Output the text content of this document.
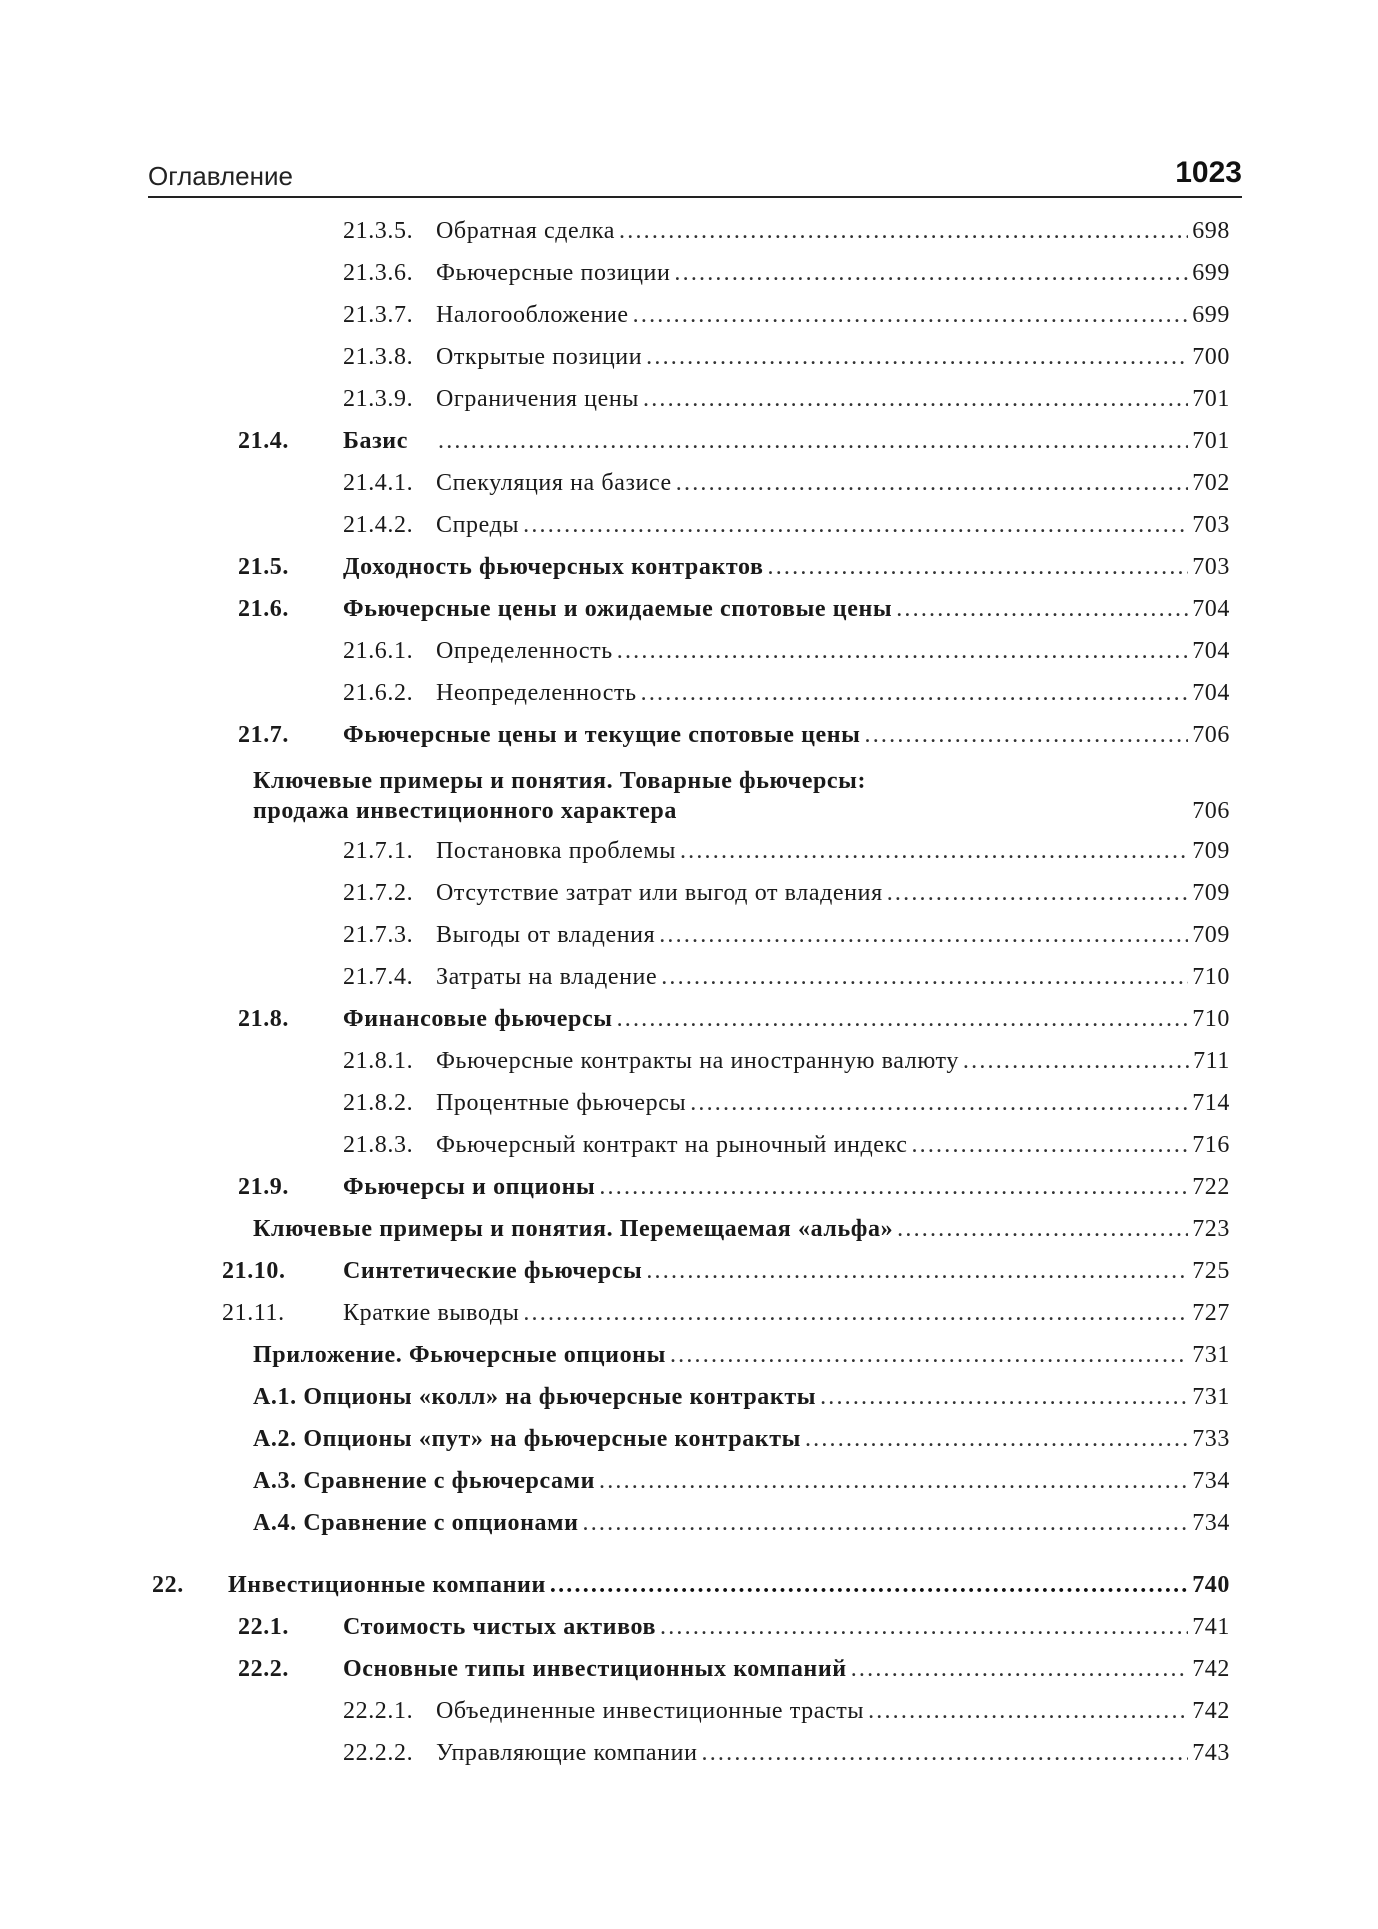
Оглавление	1023
21.3.5. Обратная сделка .....	698
21.3.6. Фьючерсные позиции .....	699
21.3.7. Налогообложение .....	699
21.3.8. Открытые позиции .....	700
21.3.9. Ограничения цены .....	701
21.4. Базис .....	701
21.4.1. Спекуляция на базисе .....	702
21.4.2. Спреды .....	703
21.5. Доходность фьючерсных контрактов .....	703
21.6. Фьючерсные цены и ожидаемые спотовые цены .....	704
21.6.1. Определенность .....	704
21.6.2. Неопределенность .....	704
21.7. Фьючерсные цены и текущие спотовые цены .....	706
Ключевые примеры и понятия. Товарные фьючерсы:
продажа инвестиционного характера	706
21.7.1. Постановка проблемы .....	709
21.7.2. Отсутствие затрат или выгод от владения .....	709
21.7.3. Выгоды от владения .....	709
21.7.4. Затраты на владение .....	710
21.8. Финансовые фьючерсы .....	710
21.8.1. Фьючерсные контракты на иностранную валюту .....	711
21.8.2. Процентные фьючерсы .....	714
21.8.3. Фьючерсный контракт на рыночный индекс .....	716
21.9. Фьючерсы и опционы .....	722
Ключевые примеры и понятия. Перемещаемая «альфа» .....	723
21.10. Синтетические фьючерсы .....	725
21.11. Краткие выводы .....	727
Приложение. Фьючерсные опционы .....	731
А.1. Опционы «колл» на фьючерсные контракты .....	731
А.2. Опционы «пут» на фьючерсные контракты .....	733
А.3. Сравнение с фьючерсами .....	734
А.4. Сравнение с опционами .....	734
22. Инвестиционные компании .....	740
22.1. Стоимость чистых активов .....	741
22.2. Основные типы инвестиционных компаний .....	742
22.2.1. Объединенные инвестиционные трасты .....	742
22.2.2. Управляющие компании .....	743
